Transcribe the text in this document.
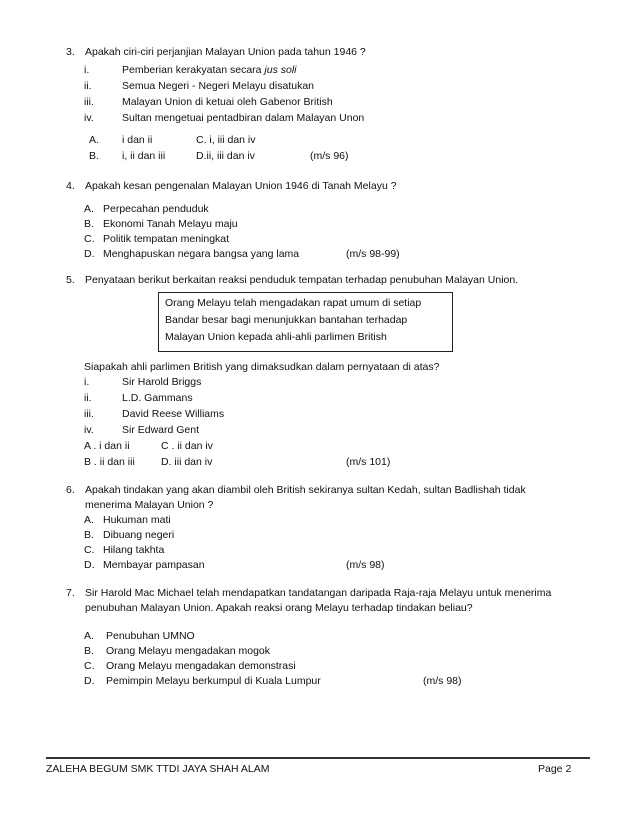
3. Apakah ciri-ciri perjanjian Malayan Union pada tahun 1946 ?
i.	Pemberian kerakyatan secara jus soli
ii.	Semua Negeri - Negeri Melayu disatukan
iii.	Malayan Union di ketuai oleh Gabenor British
iv.	Sultan mengetuai pentadbiran dalam Malayan Unon
A. i dan ii	C. i, iii dan iv
B. i, ii dan iii	D.ii, iii dan iv	(m/s 96)
4. Apakah kesan pengenalan Malayan Union 1946 di Tanah Melayu ?
A. Perpecahan penduduk
B. Ekonomi Tanah Melayu maju
C. Politik tempatan meningkat
D. Menghapuskan negara bangsa yang lama	(m/s 98-99)
5. Penyataan berikut berkaitan reaksi penduduk tempatan terhadap penubuhan Malayan Union.
Orang Melayu telah mengadakan rapat umum di setiap
Bandar besar bagi menunjukkan bantahan terhadap
Malayan Union kepada ahli-ahli parlimen British
Siapakah ahli parlimen British yang dimaksudkan dalam pernyataan di atas?
i.	Sir Harold Briggs
ii.	L.D. Gammans
iii.	David Reese Williams
iv.	Sir Edward Gent
A . i dan ii	C . ii dan iv
B . ii dan iii D. iii dan iv	(m/s 101)
6. Apakah tindakan yang akan diambil oleh British sekiranya sultan Kedah, sultan Badlishah tidak
menerima Malayan Union ?
A. Hukuman mati
B. Dibuang negeri
C. Hilang takhta
D. Membayar pampasan	(m/s 98)
7. Sir Harold Mac Michael telah mendapatkan tandatangan daripada Raja-raja Melayu untuk menerima
penubuhan Malayan Union. Apakah reaksi orang Melayu terhadap tindakan beliau?
A. Penubuhan UMNO
B. Orang Melayu mengadakan mogok
C. Orang Melayu mengadakan demonstrasi
D. Pemimpin Melayu berkumpul di Kuala Lumpur	(m/s 98)
ZALEHA BEGUM SMK TTDI JAYA SHAH ALAM	Page 2
